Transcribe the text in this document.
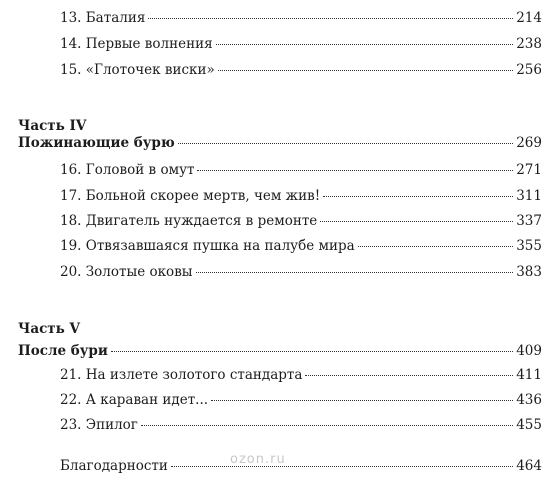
13. Баталия	214
14. Первые волнения	238
15. «Глоточек виски»	256
Часть IV
Пожинающие бурю	269
16. Головой в омут	271
17. Больной скорее мертв, чем жив!	311
18. Двигатель нуждается в ремонте	337
19. Отвязавшаяся пушка на палубе мира	355
20. Золотые оковы	383
Часть V
После бури	409
21. На излете золотого стандарта	411
22. А караван идет...	436
23. Эпилог	455
Благодарности	464
ozon.ru
